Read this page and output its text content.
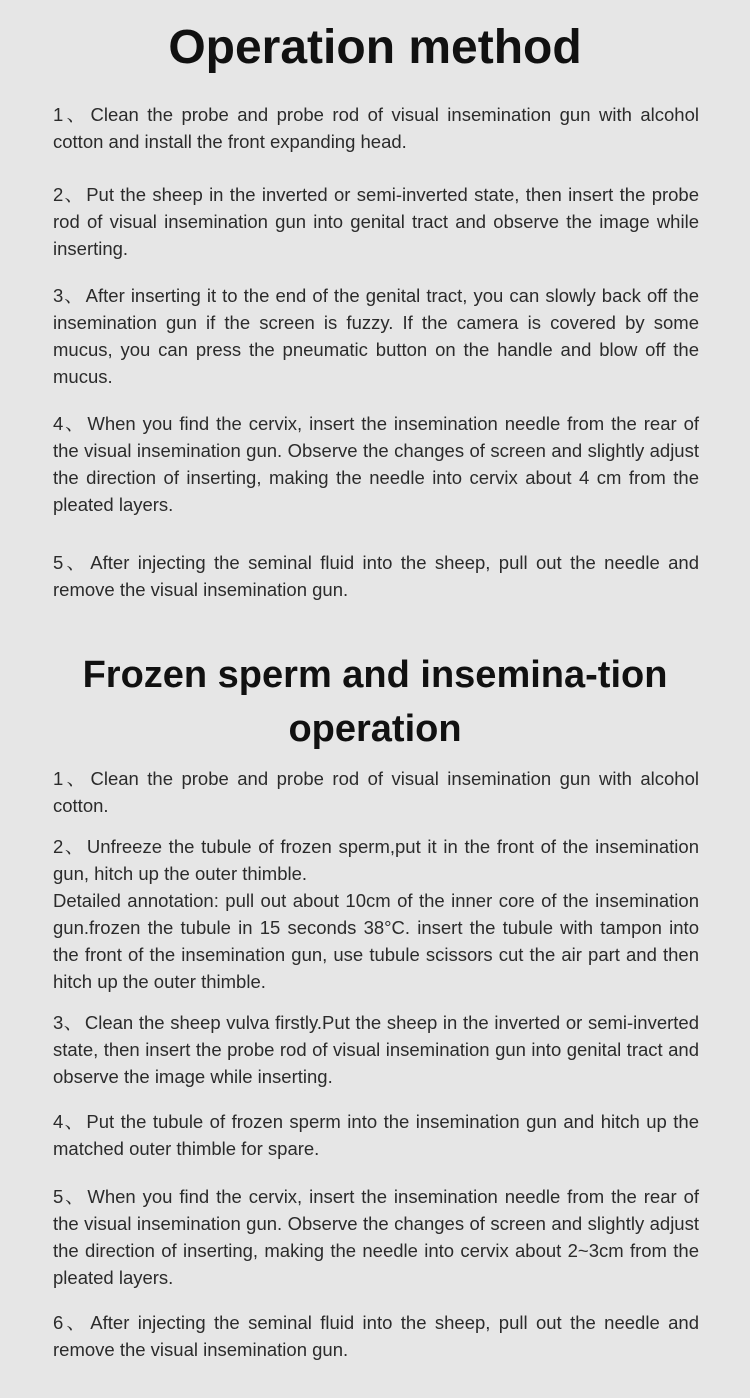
Operation method

1、 Clean the probe and probe rod of visual insemination gun with alcohol cotton and install the front expanding head.

2、 Put the sheep in the inverted or semi-inverted state, then insert the probe rod of visual insemination gun into genital tract and observe the image while inserting.

3、 After inserting it to the end of the genital tract, you can slowly back off the insemination gun if the screen is fuzzy. If the camera is covered by some mucus, you can press the pneumatic button on the handle and blow off the mucus.

4、 When you find the cervix, insert the insemination needle from the rear of the visual insemination gun. Observe the changes of screen and slightly adjust the direction of inserting, making the needle into cervix about 4 cm from the pleated layers.

5、 After injecting the seminal fluid into the sheep, pull out the needle and remove the visual insemination gun.

Frozen sperm and insemina-tion operation

1、 Clean the probe and probe rod of visual insemination gun with alcohol cotton.

2、 Unfreeze the tubule of frozen sperm,put it in the front of the insemination gun, hitch up the outer thimble.
Detailed annotation: pull out about 10cm of the inner core of the insemination gun.frozen the tubule in 15 seconds 38°C. insert the tubule with tampon into the front of the insemination gun, use tubule scissors cut the air part and then hitch up the outer thimble.

3、 Clean the sheep vulva firstly.Put the sheep in the inverted or semi-inverted state, then insert the probe rod of visual insemination gun into genital tract and observe the image while inserting.

4、 Put the tubule of frozen sperm into the insemination gun and hitch up the matched outer thimble for spare.

5、 When you find the cervix, insert the insemination needle from the rear of the visual insemination gun. Observe the changes of screen and slightly adjust the direction of inserting, making the needle into cervix about 2~3cm from the pleated layers.

6、 After injecting the seminal fluid into the sheep, pull out the needle and remove the visual insemination gun.
